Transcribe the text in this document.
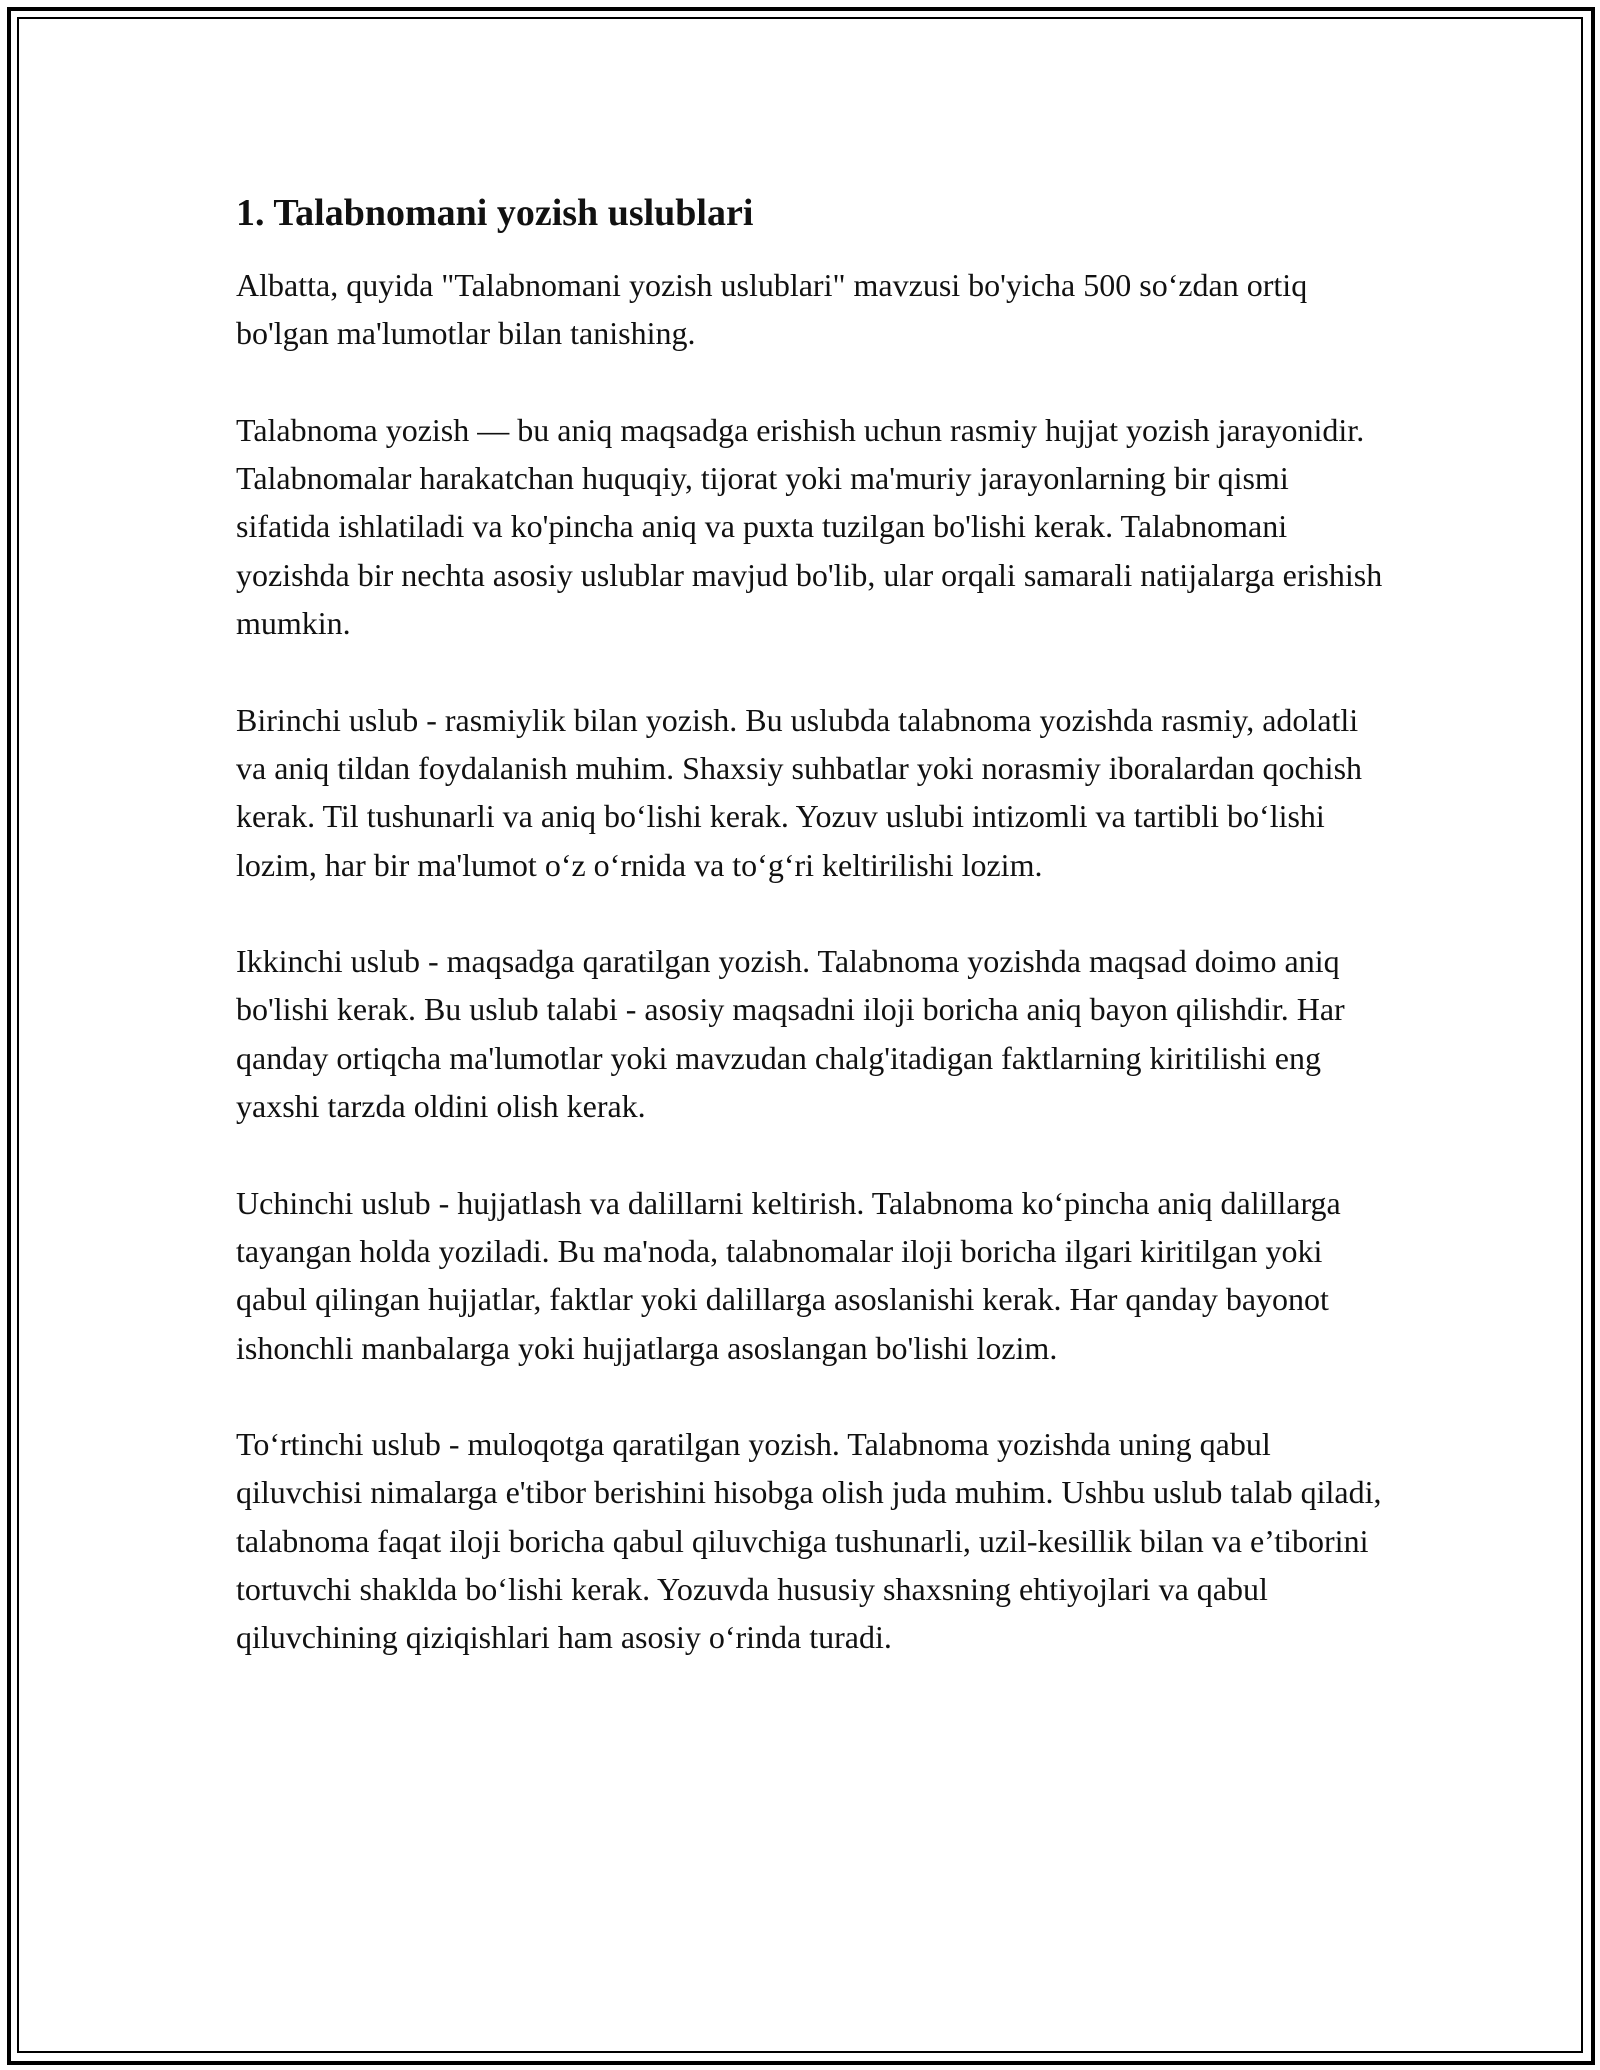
1. Talabnomani yozish uslublari

Albatta, quyida "Talabnomani yozish uslublari" mavzusi bo'yicha 500 so‘zdan ortiq bo'lgan ma'lumotlar bilan tanishing.

Talabnoma yozish — bu aniq maqsadga erishish uchun rasmiy hujjat yozish jarayonidir. Talabnomalar harakatchan huquqiy, tijorat yoki ma'muriy jarayonlarning bir qismi sifatida ishlatiladi va ko'pincha aniq va puxta tuzilgan bo'lishi kerak. Talabnomani yozishda bir nechta asosiy uslublar mavjud bo'lib, ular orqali samarali natijalarga erishish mumkin.

Birinchi uslub - rasmiylik bilan yozish. Bu uslubda talabnoma yozishda rasmiy, adolatli va aniq tildan foydalanish muhim. Shaxsiy suhbatlar yoki norasmiy iboralardan qochish kerak. Til tushunarli va aniq bo‘lishi kerak. Yozuv uslubi intizomli va tartibli bo‘lishi lozim, har bir ma'lumot o‘z o‘rnida va to‘g‘ri keltirilishi lozim.

Ikkinchi uslub - maqsadga qaratilgan yozish. Talabnoma yozishda maqsad doimo aniq bo'lishi kerak. Bu uslub talabi - asosiy maqsadni iloji boricha aniq bayon qilishdir. Har qanday ortiqcha ma'lumotlar yoki mavzudan chalg'itadigan faktlarning kiritilishi eng yaxshi tarzda oldini olish kerak.

Uchinchi uslub - hujjatlash va dalillarni keltirish. Talabnoma ko‘pincha aniq dalillarga tayangan holda yoziladi. Bu ma'noda, talabnomalar iloji boricha ilgari kiritilgan yoki qabul qilingan hujjatlar, faktlar yoki dalillarga asoslanishi kerak. Har qanday bayonot ishonchli manbalarga yoki hujjatlarga asoslangan bo'lishi lozim.

To‘rtinchi uslub - muloqotga qaratilgan yozish. Talabnoma yozishda uning qabul qiluvchisi nimalarga e'tibor berishini hisobga olish juda muhim. Ushbu uslub talab qiladi, talabnoma faqat iloji boricha qabul qiluvchiga tushunarli, uzil-kesillik bilan va e’tiborini tortuvchi shaklda bo‘lishi kerak. Yozuvda hususiy shaxsning ehtiyojlari va qabul qiluvchining qiziqishlari ham asosiy o‘rinda turadi.
